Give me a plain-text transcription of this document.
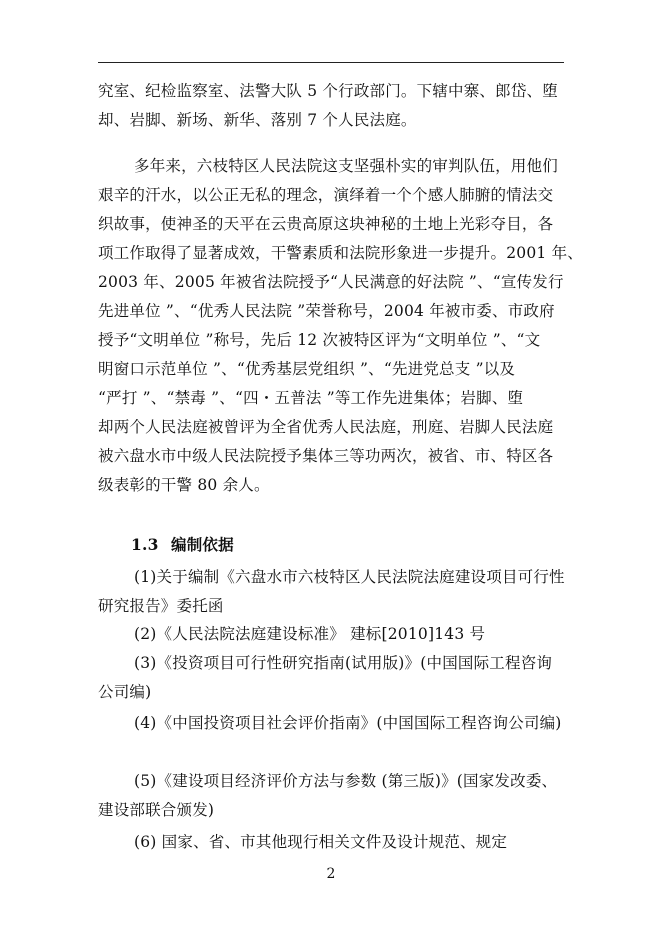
究室、纪检监察室、法警大队 5 个行政部门。下辖中寨、郎岱、堕
却、岩脚、新场、新华、落别 7 个人民法庭。
多年来，六枝特区人民法院这支坚强朴实的审判队伍，用他们
艰辛的汗水，以公正无私的理念，演绎着一个个感人肺腑的情法交
织故事，使神圣的天平在云贵高原这块神秘的土地上光彩夺目，各
项工作取得了显著成效，干警素质和法院形象进一步提升。2001 年、
2003 年、2005 年被省法院授予“人民满意的好法院 ”、“宣传发行
先进单位 ”、“优秀人民法院 ”荣誉称号，2004 年被市委、市政府
授予“文明单位 ”称号，先后 12 次被特区评为“文明单位 ”、“文
明窗口示范单位 ”、“优秀基层党组织 ”、“先进党总支 ”以及
“严打 ”、“禁毒 ”、“四・五普法 ”等工作先进集体；岩脚、堕
却两个人民法庭被曾评为全省优秀人民法庭，刑庭、岩脚人民法庭
被六盘水市中级人民法院授予集体三等功两次，被省、市、特区各
级表彰的干警 80 余人。
1.3 编制依据
(1)关于编制《六盘水市六枝特区人民法院法庭建设项目可行性
研究报告》委托函
(2)《人民法院法庭建设标准》 建标[2010]143 号
(3)《投资项目可行性研究指南(试用版)》(中国国际工程咨询
公司编)
(4)《中国投资项目社会评价指南》(中国国际工程咨询公司编)
(5)《建设项目经济评价方法与参数 (第三版)》(国家发改委、
建设部联合颁发)
(6) 国家、省、市其他现行相关文件及设计规范、规定
2
